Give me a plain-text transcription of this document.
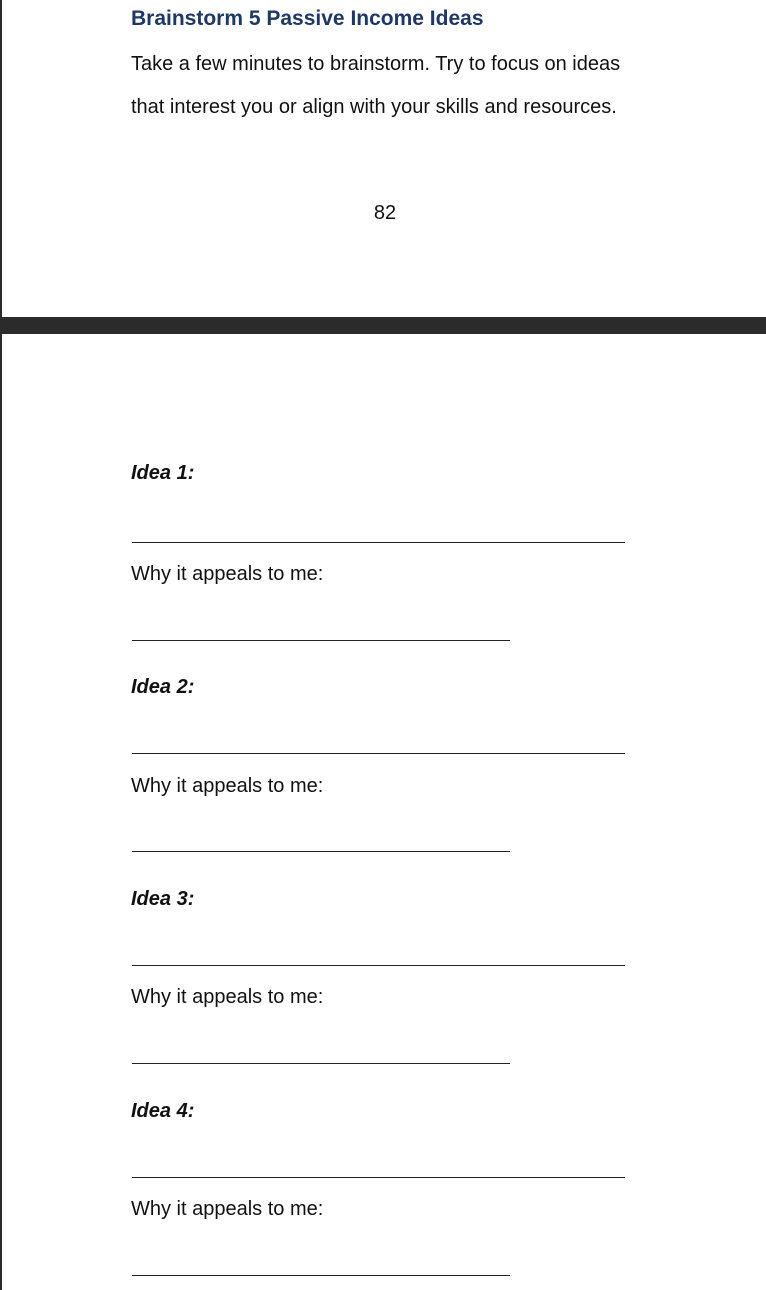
Brainstorm 5 Passive Income Ideas

Take a few minutes to brainstorm. Try to focus on ideas

that interest you or align with your skills and resources.

82

Idea 1:

Why it appeals to me:

Idea 2:

Why it appeals to me:

Idea 3:

Why it appeals to me:

Idea 4:

Why it appeals to me:
